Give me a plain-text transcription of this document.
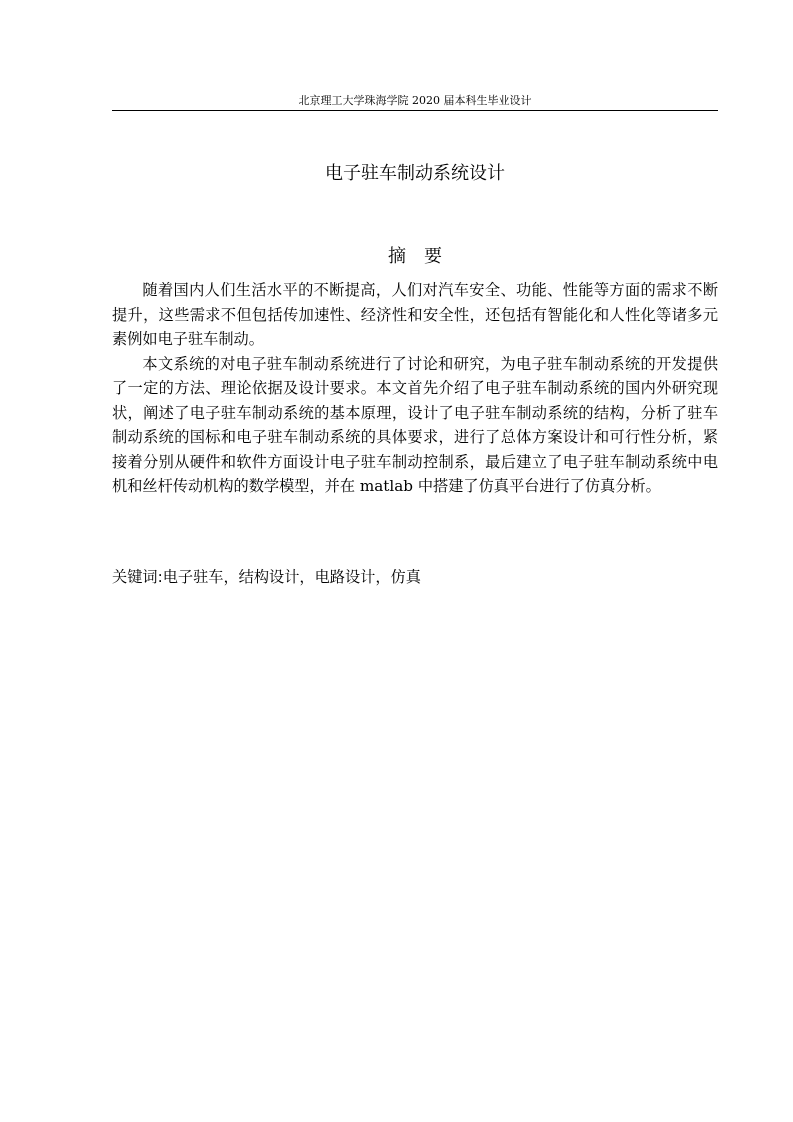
北京理工大学珠海学院 2020 届本科生毕业设计
电子驻车制动系统设计
摘　要

随着国内人们生活水平的不断提高，人们对汽车安全、功能、性能等方面的需求不断提升，这些需求不但包括传加速性、经济性和安全性，还包括有智能化和人性化等诸多元素例如电子驻车制动。

本文系统的对电子驻车制动系统进行了讨论和研究，为电子驻车制动系统的开发提供了一定的方法、理论依据及设计要求。本文首先介绍了电子驻车制动系统的国内外研究现状，阐述了电子驻车制动系统的基本原理，设计了电子驻车制动系统的结构，分析了驻车制动系统的国标和电子驻车制动系统的具体要求，进行了总体方案设计和可行性分析，紧接着分别从硬件和软件方面设计电子驻车制动控制系，最后建立了电子驻车制动系统中电机和丝杆传动机构的数学模型，并在 matlab 中搭建了仿真平台进行了仿真分析。

关键词:电子驻车，结构设计，电路设计，仿真
